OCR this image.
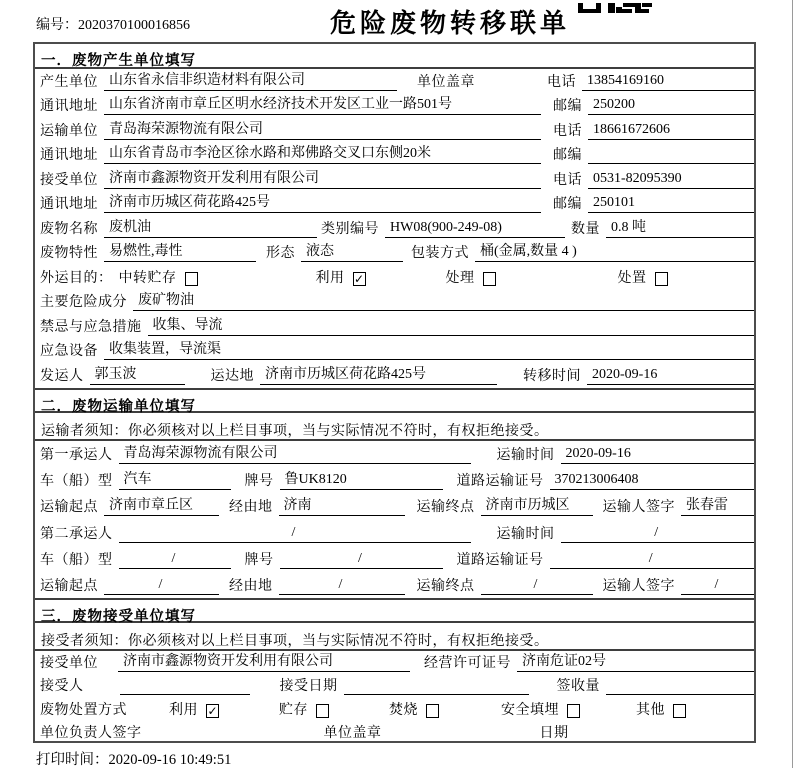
编号：2020370100016856	危险废物转移联单
一．废物产生单位填写
产生单位 山东省永信非织造材料有限公司	单位盖章	电话 13854169160
通讯地址 山东省济南市章丘区明水经济技术开发区工业一路501号	邮编 250200
运输单位 青岛海荣源物流有限公司	电话 18661672606
通讯地址 山东省青岛市李沧区徐水路和郑佛路交叉口东侧20米	邮编
接受单位 济南市鑫源物资开发利用有限公司	电话 0531-82095390
通讯地址 济南市历城区荷花路425号	邮编 250101
废物名称 废机油	类别编号 HW08(900-249-08)	数量 0.8 吨
废物特性 易燃性,毒性	形态 液态	包装方式 桶(金属,数量 4 )
外运目的： 中转贮存	利用 ✓	处理	处置
主要危险成分 废矿物油
禁忌与应急措施 收集、导流
应急设备 收集装置，导流渠
发运人 郭玉波	运达地 济南市历城区荷花路425号	转移时间 2020-09-16
二．废物运输单位填写
运输者须知：你必须核对以上栏目事项，当与实际情况不符时，有权拒绝接受。
第一承运人 青岛海荣源物流有限公司	运输时间 2020-09-16
车（船）型 汽车	牌号 鲁UK8120	道路运输证号 370213006408
运输起点 济南市章丘区	经由地 济南	运输终点 济南市历城区	运输人签字 张春雷
第二承运人	/	运输时间	/
车（船）型	/	牌号	/	道路运输证号	/
运输起点	/	经由地	/	运输终点	/	运输人签字	/
三．废物接受单位填写
接受者须知：你必须核对以上栏目事项，当与实际情况不符时，有权拒绝接受。
接受单位	济南市鑫源物资开发利用有限公司	经营许可证号 济南危证02号
接受人	接受日期	签收量
废物处置方式	利用 ✓	贮存	焚烧	安全填埋	其他
单位负责人签字	单位盖章	日期
打印时间：2020-09-16 10:49:51
